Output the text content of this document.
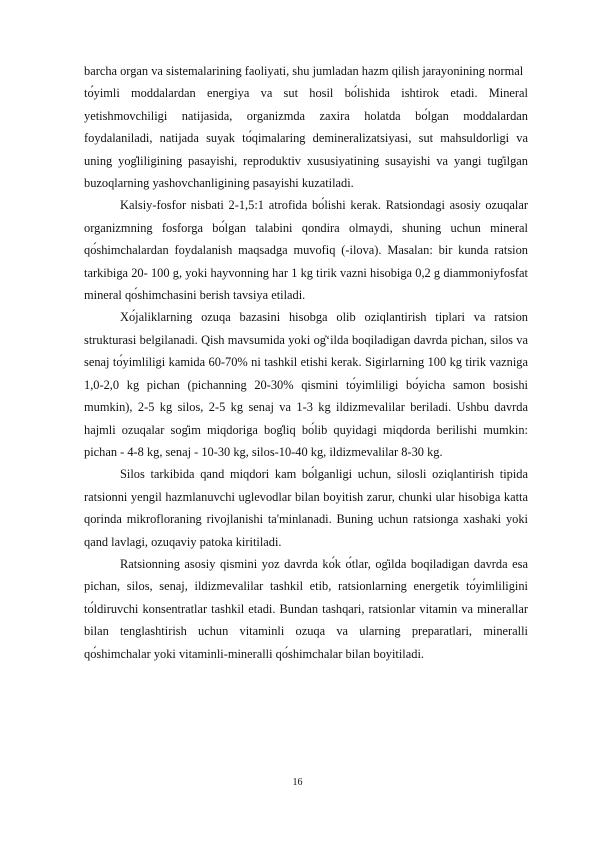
barcha organ va sistemalarining faoliyati, shu jumladan hazm qilish jarayonining normal

tо́yimli moddalardan energiya va sut hosil bо́lishida ishtirok etadi. Mineral yetishmovchiligi natijasida, organizmda zaxira holatda bо́lgan moddalardan foydalaniladi, natijada suyak tо́qimalaring demineralizatsiyasi, sut mahsuldorligi va uning yog̒liligining pasayishi, reproduktiv xususiyatining susayishi va yangi tug̒ilgan buzoqlarning yashovchanligining pasayishi kuzatiladi.

Kalsiy-fosfor nisbati 2-1,5:1 atrofida bо́lishi kerak. Ratsiondagi asosiy ozuqalar organizmning fosforga bо́lgan talabini qondira olmaydi, shuning uchun mineral qо́shimchalardan foydalanish maqsadga muvofiq (-ilova). Masalan: bir kunda ratsion tarkibiga 20- 100 g, yoki hayvonning har 1 kg tirik vazni hisobiga 0,2 g diammoniyfosfat mineral qо́shimchasini berish tavsiya etiladi.

Xо́jaliklarning ozuqa bazasini hisobga olib oziqlantirish tiplari va ratsion strukturasi belgilanadi. Qish mavsumida yoki og̒ʻilda boqiladigan davrda pichan, silos va senaj tо́yimliligi kamida 60-70% ni tashkil etishi kerak. Sigirlarning 100 kg tirik vazniga 1,0-2,0 kg pichan (pichanning 20-30% qismini tо́yimliligi bо́yicha samon bosishi mumkin), 2-5 kg silos, 2-5 kg senaj va 1-3 kg ildizmevalilar beriladi. Ushbu davrda hajmli ozuqalar sog̒im miqdoriga bog̒liq bо́lib quyidagi miqdorda berilishi mumkin: pichan - 4-8 kg, senaj - 10-30 kg, silos-10-40 kg, ildizmevalilar 8-30 kg.

Silos tarkibida qand miqdori kam bо́lganligi uchun, silosli oziqlantirish tipida ratsionni yengil hazmlanuvchi uglevodlar bilan boyitish zarur, chunki ular hisobiga katta qorinda mikrofloraning rivojlanishi ta'minlanadi. Buning uchun ratsionga xashaki yoki qand lavlagi, ozuqaviy patoka kiritiladi.

Ratsionning asosiy qismini yoz davrda kо́k о́tlar, og̒ilda boqiladigan davrda esa pichan, silos, senaj, ildizmevalilar tashkil etib, ratsionlarning energetik tо́yimliligini tо́ldiruvchi konsentratlar tashkil etadi. Bundan tashqari, ratsionlar vitamin va minerallar bilan tenglashtirish uchun vitaminli ozuqa va ularning preparatlari, mineralli qо́shimchalar yoki vitaminli-mineralli qо́shimchalar bilan boyitiladi.

16
